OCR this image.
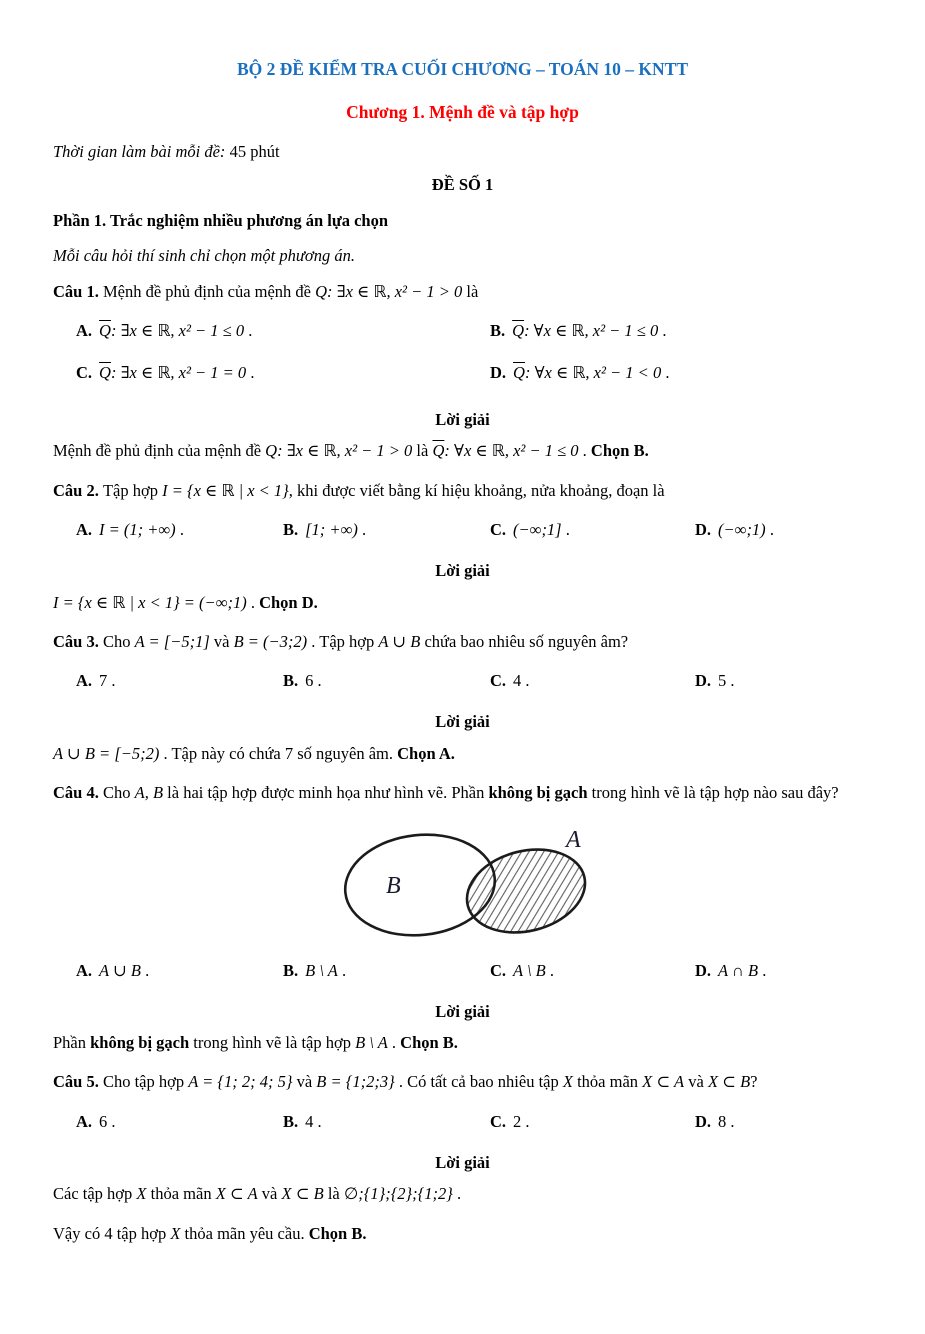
BỘ 2 ĐỀ KIỂM TRA CUỐI CHƯƠNG – TOÁN 10 – KNTT

Chương 1. Mệnh đề và tập hợp

Thời gian làm bài mỗi đề: 45 phút

ĐỀ SỐ 1

Phần 1. Trắc nghiệm nhiều phương án lựa chọn

Mỗi câu hỏi thí sinh chỉ chọn một phương án.

Câu 1. Mệnh đề phủ định của mệnh đề Q: ∃x ∈ ℝ, x² − 1 > 0 là

A. $\overline{Q}$: ∃x ∈ ℝ, x² − 1 ≤ 0 .	B. $\overline{Q}$: ∀x ∈ ℝ, x² − 1 ≤ 0 .
C. $\overline{Q}$: ∃x ∈ ℝ, x² − 1 = 0 .	D. $\overline{Q}$: ∀x ∈ ℝ, x² − 1 < 0 .

Lời giải

Mệnh đề phủ định của mệnh đề Q: ∃x ∈ ℝ, x² − 1 > 0 là $\overline{Q}$: ∀x ∈ ℝ, x² − 1 ≤ 0 . Chọn B.

Câu 2. Tập hợp I = {x ∈ ℝ | x < 1}, khi được viết bằng kí hiệu khoảng, nửa khoảng, đoạn là

A. I = (1; +∞) .	B. [1; +∞) .	C. (−∞;1] .	D. (−∞;1) .

Lời giải

I = {x ∈ ℝ | x < 1} = (−∞;1) . Chọn D.

Câu 3. Cho A = [−5;1] và B = (−3;2) . Tập hợp A ∪ B chứa bao nhiêu số nguyên âm?

A. 7 .	B. 6 .	C. 4 .	D. 5 .

Lời giải

A ∪ B = [−5;2) . Tập này có chứa 7 số nguyên âm. Chọn A.

Câu 4. Cho A, B là hai tập hợp được minh họa như hình vẽ. Phần không bị gạch trong hình vẽ là tập hợp nào sau đây?

B
A
A. A ∪ B .	B. B \ A .	C. A \ B .	D. A ∩ B .

Lời giải

Phần không bị gạch trong hình vẽ là tập hợp B \ A . Chọn B.

Câu 5. Cho tập hợp A = {1; 2; 4; 5} và B = {1;2;3} . Có tất cả bao nhiêu tập X thỏa mãn X ⊂ A và X ⊂ B?

A. 6 .	B. 4 .	C. 2 .	D. 8 .

Lời giải

Các tập hợp X thỏa mãn X ⊂ A và X ⊂ B là ∅;{1};{2};{1;2} .

Vậy có 4 tập hợp X thỏa mãn yêu cầu. Chọn B.
